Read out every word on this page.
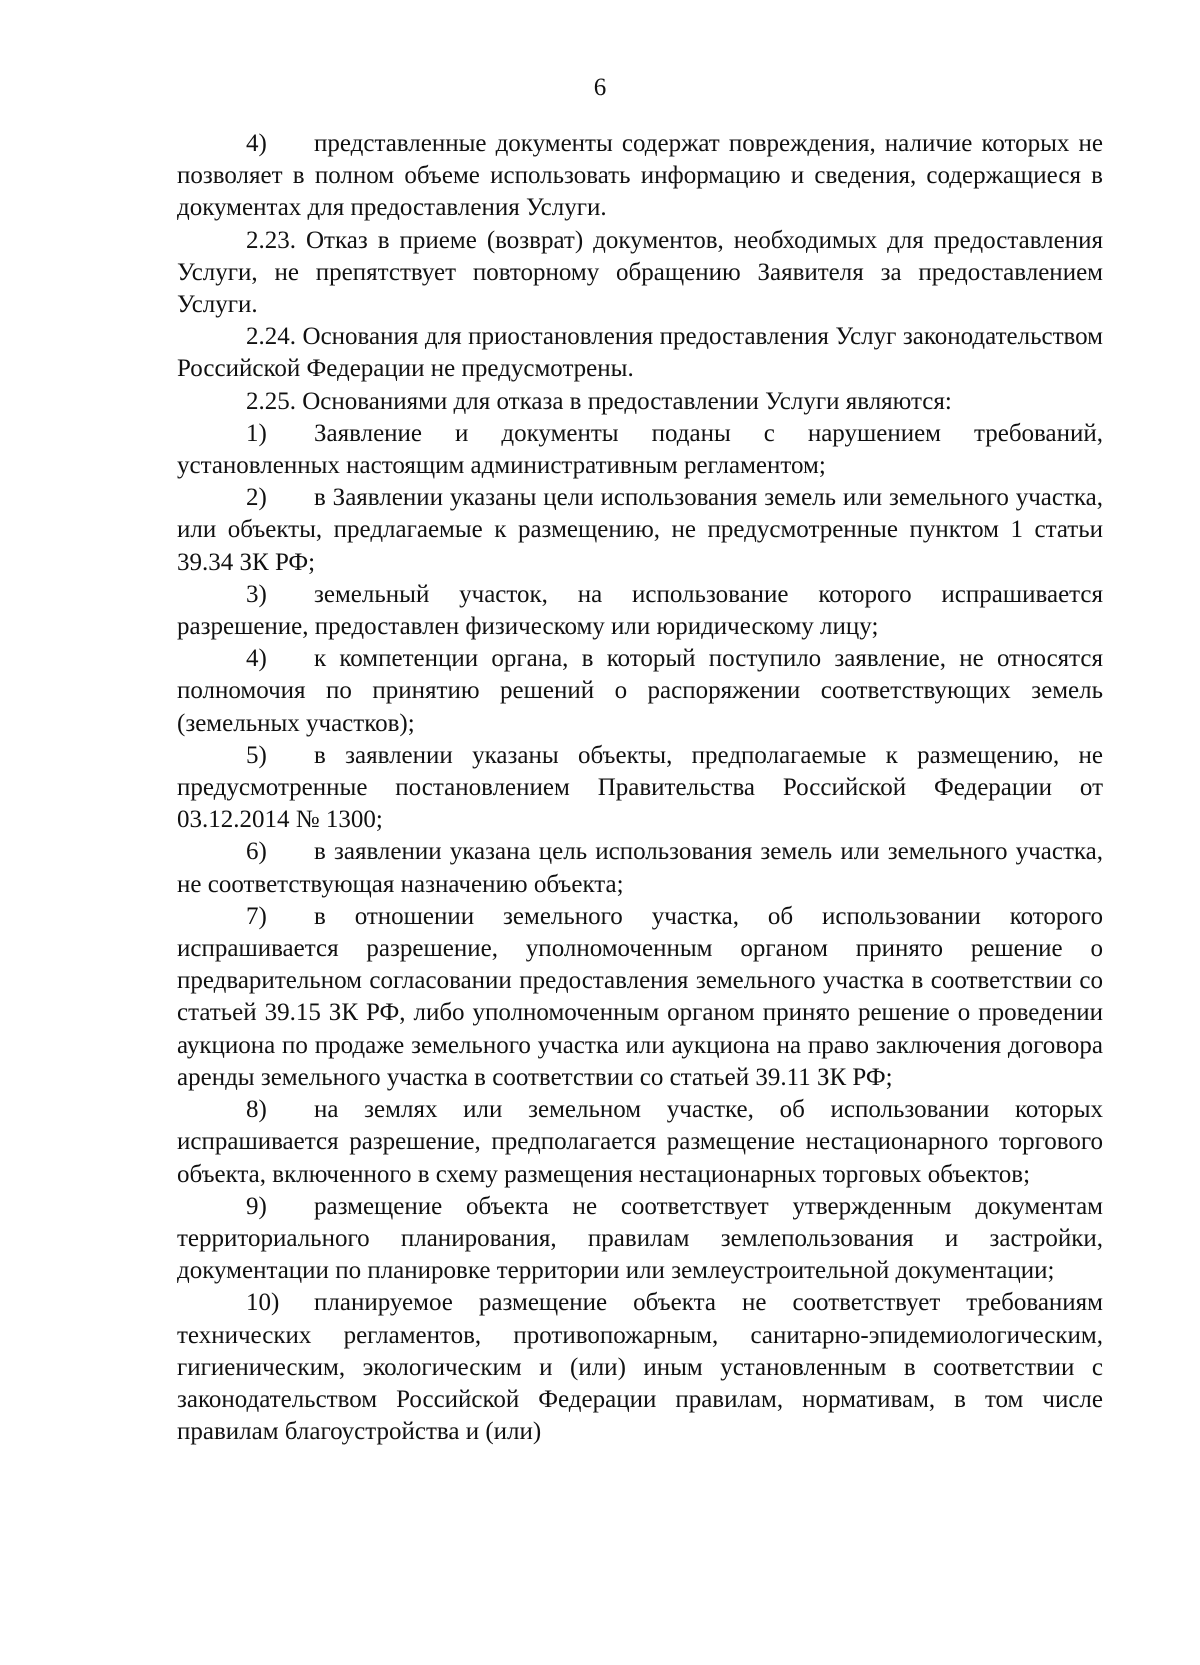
6

4) представленные документы содержат повреждения, наличие которых не позволяет в полном объеме использовать информацию и сведения, содержащиеся в документах для предоставления Услуги.

2.23. Отказ в приеме (возврат) документов, необходимых для предоставления Услуги, не препятствует повторному обращению Заявителя за предоставлением Услуги.

2.24. Основания для приостановления предоставления Услуг законодательством Российской Федерации не предусмотрены.

2.25. Основаниями для отказа в предоставлении Услуги являются:

1) Заявление и документы поданы с нарушением требований, установленных настоящим административным регламентом;

2) в Заявлении указаны цели использования земель или земельного участка, или объекты, предлагаемые к размещению, не предусмотренные пунктом 1 статьи 39.34 ЗК РФ;

3) земельный участок, на использование которого испрашивается разрешение, предоставлен физическому или юридическому лицу;

4) к компетенции органа, в который поступило заявление, не относятся полномочия по принятию решений о распоряжении соответствующих земель (земельных участков);

5) в заявлении указаны объекты, предполагаемые к размещению, не предусмотренные постановлением Правительства Российской Федерации от 03.12.2014 № 1300;

6) в заявлении указана цель использования земель или земельного участка, не соответствующая назначению объекта;

7) в отношении земельного участка, об использовании которого испрашивается разрешение, уполномоченным органом принято решение о предварительном согласовании предоставления земельного участка в соответствии со статьей 39.15 ЗК РФ, либо уполномоченным органом принято решение о проведении аукциона по продаже земельного участка или аукциона на право заключения договора аренды земельного участка в соответствии со статьей 39.11 ЗК РФ;

8) на землях или земельном участке, об использовании которых испрашивается разрешение, предполагается размещение нестационарного торгового объекта, включенного в схему размещения нестационарных торговых объектов;

9) размещение объекта не соответствует утвержденным документам территориального планирования, правилам землепользования и застройки, документации по планировке территории или землеустроительной документации;

10) планируемое размещение объекта не соответствует требованиям технических регламентов, противопожарным, санитарно-эпидемиологическим, гигиеническим, экологическим и (или) иным установленным в соответствии с законодательством Российской Федерации правилам, нормативам, в том числе правилам благоустройства и (или)
